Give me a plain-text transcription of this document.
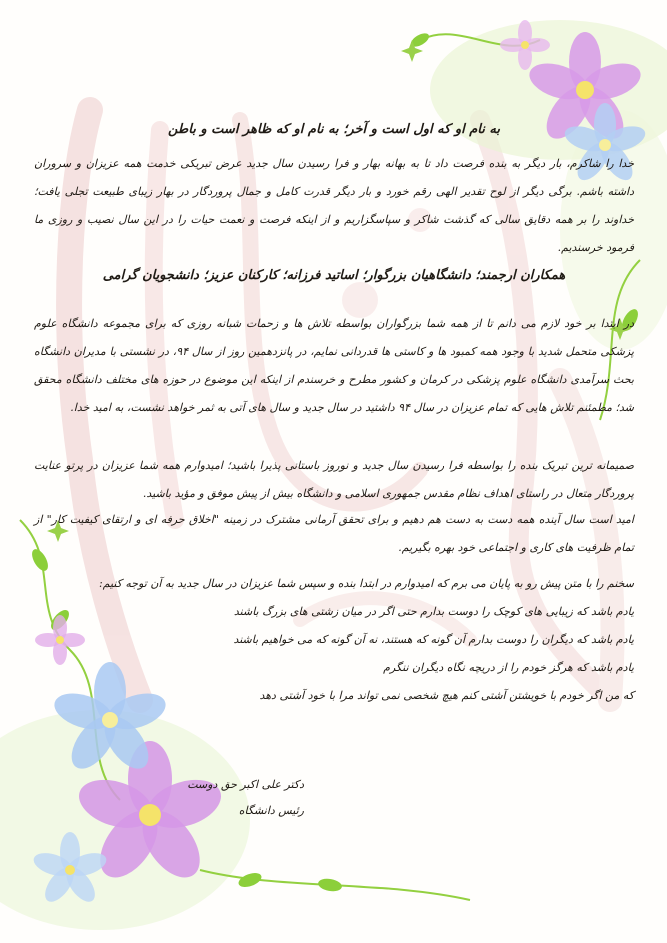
به نام او که اول است و آخر؛ به نام او که ظاهر است و باطن
خدا را شاکرم، بار دیگر به بنده فرصت داد تا به بهانه بهار و فرا رسیدن سال جدید عرض تبریکی خدمت همه عزیزان و سروران داشته باشم. برگی دیگر از لوح تقدیر الهی رقم خورد و بار دیگر قدرت کامل و جمال پروردگار در بهار زیبای طبیعت تجلی یافت؛ خداوند را بر همه دقایق سالی که گذشت شاکر و سپاسگزاریم و از اینکه فرصت و نعمت حیات را در این سال نصیب و روزی ما فرمود خرسندیم.
همکاران ارجمند؛ دانشگاهیان بزرگوار؛ اساتید فرزانه؛ کارکنان عزیز؛ دانشجویان گرامی
در ابتدا بر خود لازم می دانم تا از همه شما بزرگواران بواسطه تلاش ها و زحمات شبانه روزی که برای مجموعه دانشگاه علوم پزشکی متحمل شدید با وجود همه کمبود ها و کاستی ها قدردانی نمایم، در پانزدهمین روز از سال ۹۴، در نشستی با مدیران دانشگاه بحث سرآمدی دانشگاه علوم پزشکی در کرمان و کشور مطرح و خرسندم از اینکه این موضوع در حوزه های مختلف دانشگاه محقق شد؛ مطمئنم تلاش هایی که تمام عزیزان در سال ۹۴ داشتید در سال جدید و سال های آتی به ثمر خواهد نشست، به امید خدا.
صمیمانه ترین تبریک بنده را بواسطه فرا رسیدن سال جدید و نوروز باستانی پذیرا باشید؛ امیدوارم همه شما عزیزان در پرتو عنایت پروردگار متعال در راستای اهداف نظام مقدس جمهوری اسلامی و دانشگاه بیش از پیش موفق و مؤید باشید.
امید است سال آینده همه دست به دست هم دهیم و برای تحقق آرمانی مشترک در زمینه "اخلاق حرفه ای و ارتقای کیفیت کار" از تمام ظرفیت های کاری و اجتماعی خود بهره بگیریم.
سخنم را با متن پیش رو به پایان می برم که امیدوارم در ابتدا بنده و سپس شما عزیزان در سال جدید به آن توجه کنیم:
یادم باشد که زیبایی های کوچک را دوست بدارم حتی اگر در میان زشتی های بزرگ باشند
یادم باشد که دیگران را دوست بدارم آن گونه که هستند، نه آن گونه که می خواهیم باشند
یادم باشد که هرگز خودم را از دریچه نگاه دیگران ننگرم
که من اگر خودم با خویشتن آشتی کنم هیچ شخصی نمی تواند مرا با خود آشتی دهد
دکتر علی اکبر حق دوست
رئیس دانشگاه
